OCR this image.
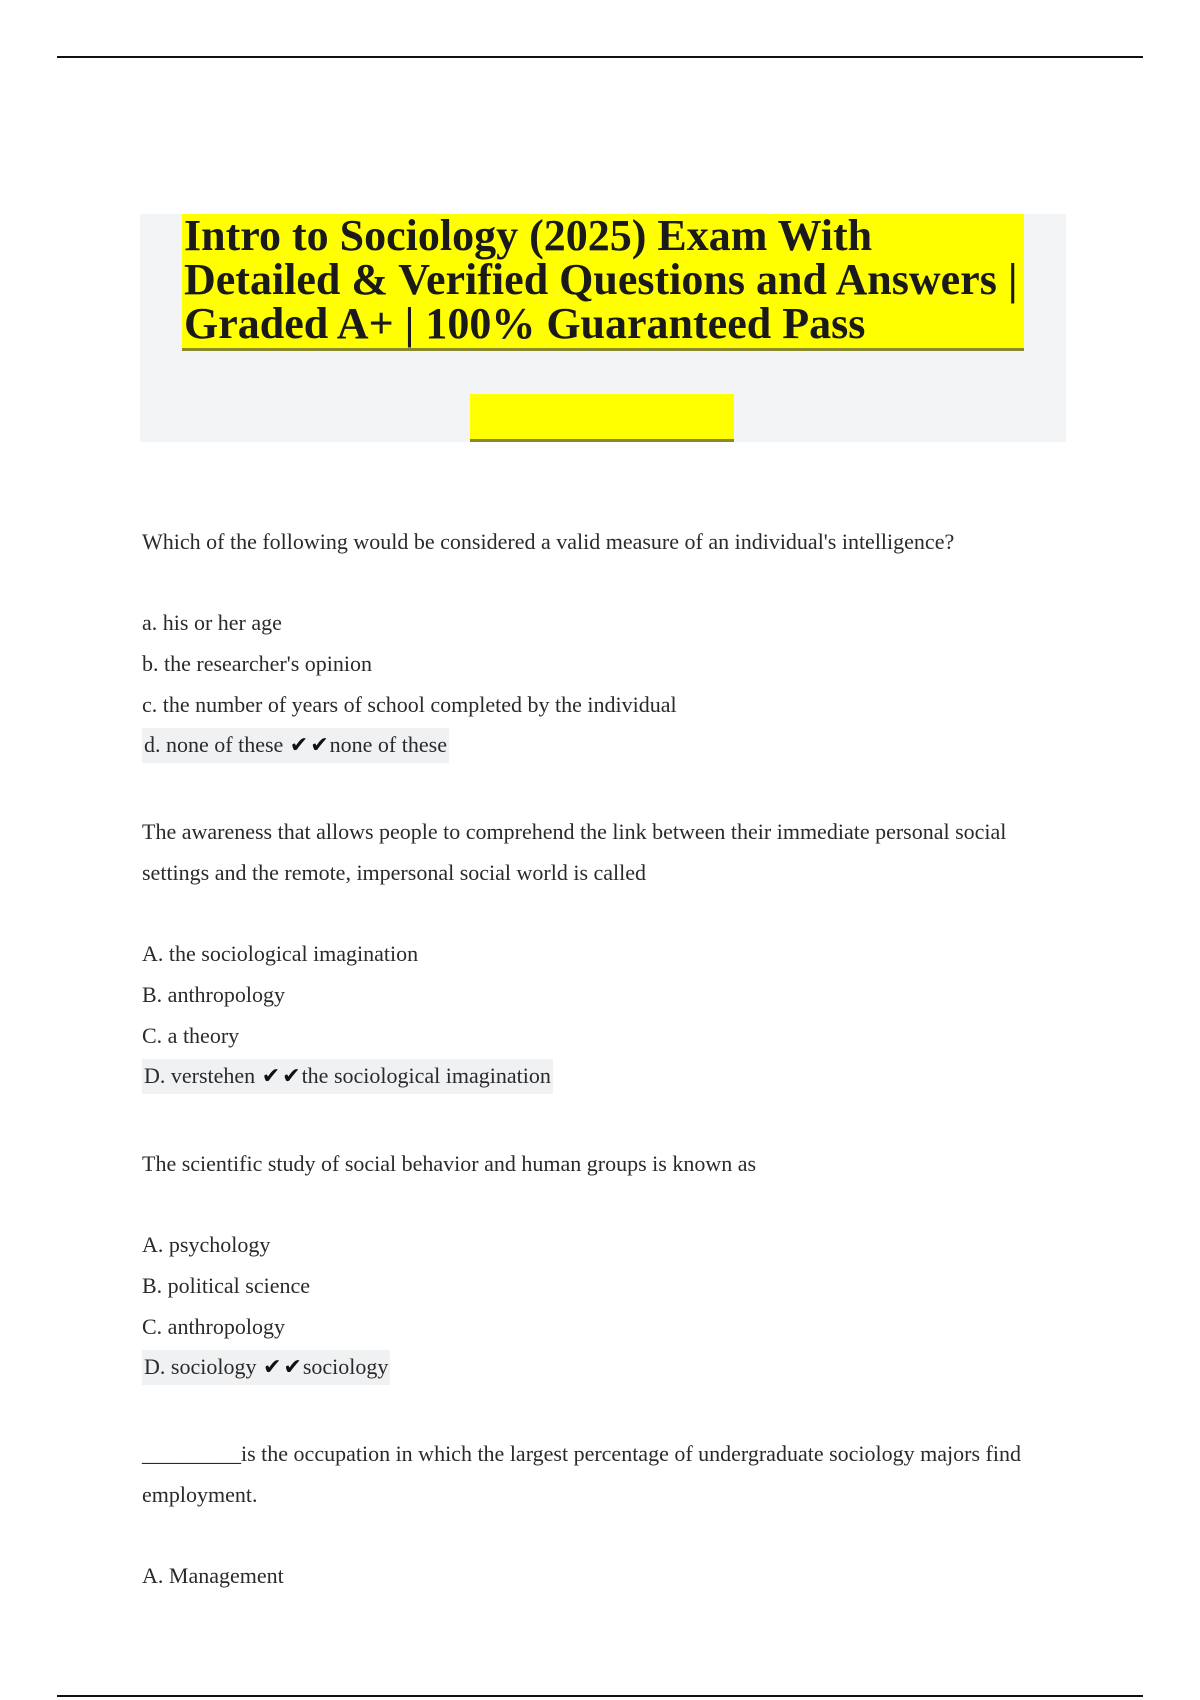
Intro to Sociology (2025) Exam With Detailed & Verified Questions and Answers | Graded A+ | 100% Guaranteed Pass

Which of the following would be considered a valid measure of an individual's intelligence?

a. his or her age

b. the researcher's opinion

c. the number of years of school completed by the individual

d. none of these ✔✔none of these

The awareness that allows people to comprehend the link between their immediate personal social settings and the remote, impersonal social world is called

A. the sociological imagination

B. anthropology

C. a theory

D. verstehen ✔✔the sociological imagination

The scientific study of social behavior and human groups is known as

A. psychology

B. political science

C. anthropology

D. sociology ✔✔sociology

_________is the occupation in which the largest percentage of undergraduate sociology majors find employment.

A. Management
